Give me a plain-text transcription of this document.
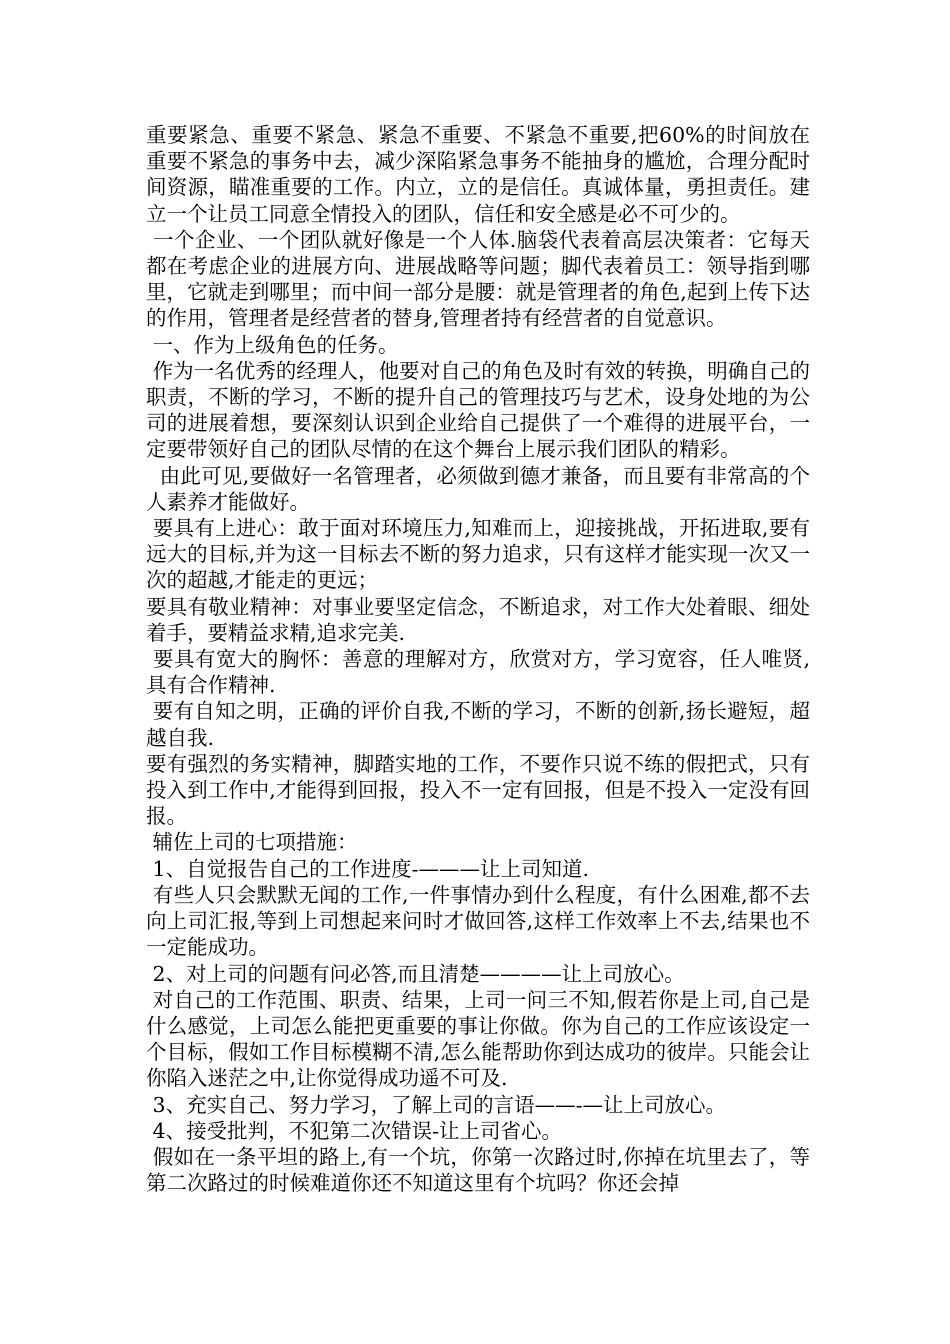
重要紧急、重要不紧急、紧急不重要、不紧急不重要,把60%的时间放在重要不紧急的事务中去，减少深陷紧急事务不能抽身的尴尬，合理分配时间资源，瞄准重要的工作。内立，立的是信任。真诚体量，勇担责任。建立一个让员工同意全情投入的团队，信任和安全感是必不可少的。

一个企业、一个团队就好像是一个人体.脑袋代表着高层决策者：它每天都在考虑企业的进展方向、进展战略等问题；脚代表着员工：领导指到哪里，它就走到哪里；而中间一部分是腰：就是管理者的角色,起到上传下达的作用，管理者是经营者的替身,管理者持有经营者的自觉意识。

一、作为上级角色的任务。

作为一名优秀的经理人，他要对自己的角色及时有效的转换，明确自己的职责，不断的学习，不断的提升自己的管理技巧与艺术，设身处地的为公司的进展着想，要深刻认识到企业给自己提供了一个难得的进展平台，一定要带领好自己的团队尽情的在这个舞台上展示我们团队的精彩。

由此可见,要做好一名管理者，必须做到德才兼备，而且要有非常高的个人素养才能做好。

要具有上进心：敢于面对环境压力,知难而上，迎接挑战，开拓进取,要有远大的目标,并为这一目标去不断的努力追求，只有这样才能实现一次又一次的超越,才能走的更远；

要具有敬业精神：对事业要坚定信念，不断追求，对工作大处着眼、细处着手，要精益求精,追求完美.

要具有宽大的胸怀：善意的理解对方，欣赏对方，学习宽容，任人唯贤,具有合作精神.

要有自知之明，正确的评价自我,不断的学习，不断的创新,扬长避短，超越自我.

要有强烈的务实精神，脚踏实地的工作，不要作只说不练的假把式，只有投入到工作中,才能得到回报，投入不一定有回报，但是不投入一定没有回报。

辅佐上司的七项措施：

1、自觉报告自己的工作进度-———让上司知道.

有些人只会默默无闻的工作,一件事情办到什么程度，有什么困难,都不去向上司汇报,等到上司想起来问时才做回答,这样工作效率上不去,结果也不一定能成功。

2、对上司的问题有问必答,而且清楚————让上司放心。

对自己的工作范围、职责、结果，上司一问三不知,假若你是上司,自己是什么感觉，上司怎么能把更重要的事让你做。你为自己的工作应该设定一个目标，假如工作目标模糊不清,怎么能帮助你到达成功的彼岸。只能会让你陷入迷茫之中,让你觉得成功遥不可及.

3、充实自己、努力学习，了解上司的言语——-—让上司放心。

4、接受批判，不犯第二次错误-让上司省心。

假如在一条平坦的路上,有一个坑，你第一次路过时,你掉在坑里去了，等第二次路过的时候难道你还不知道这里有个坑吗？你还会掉
